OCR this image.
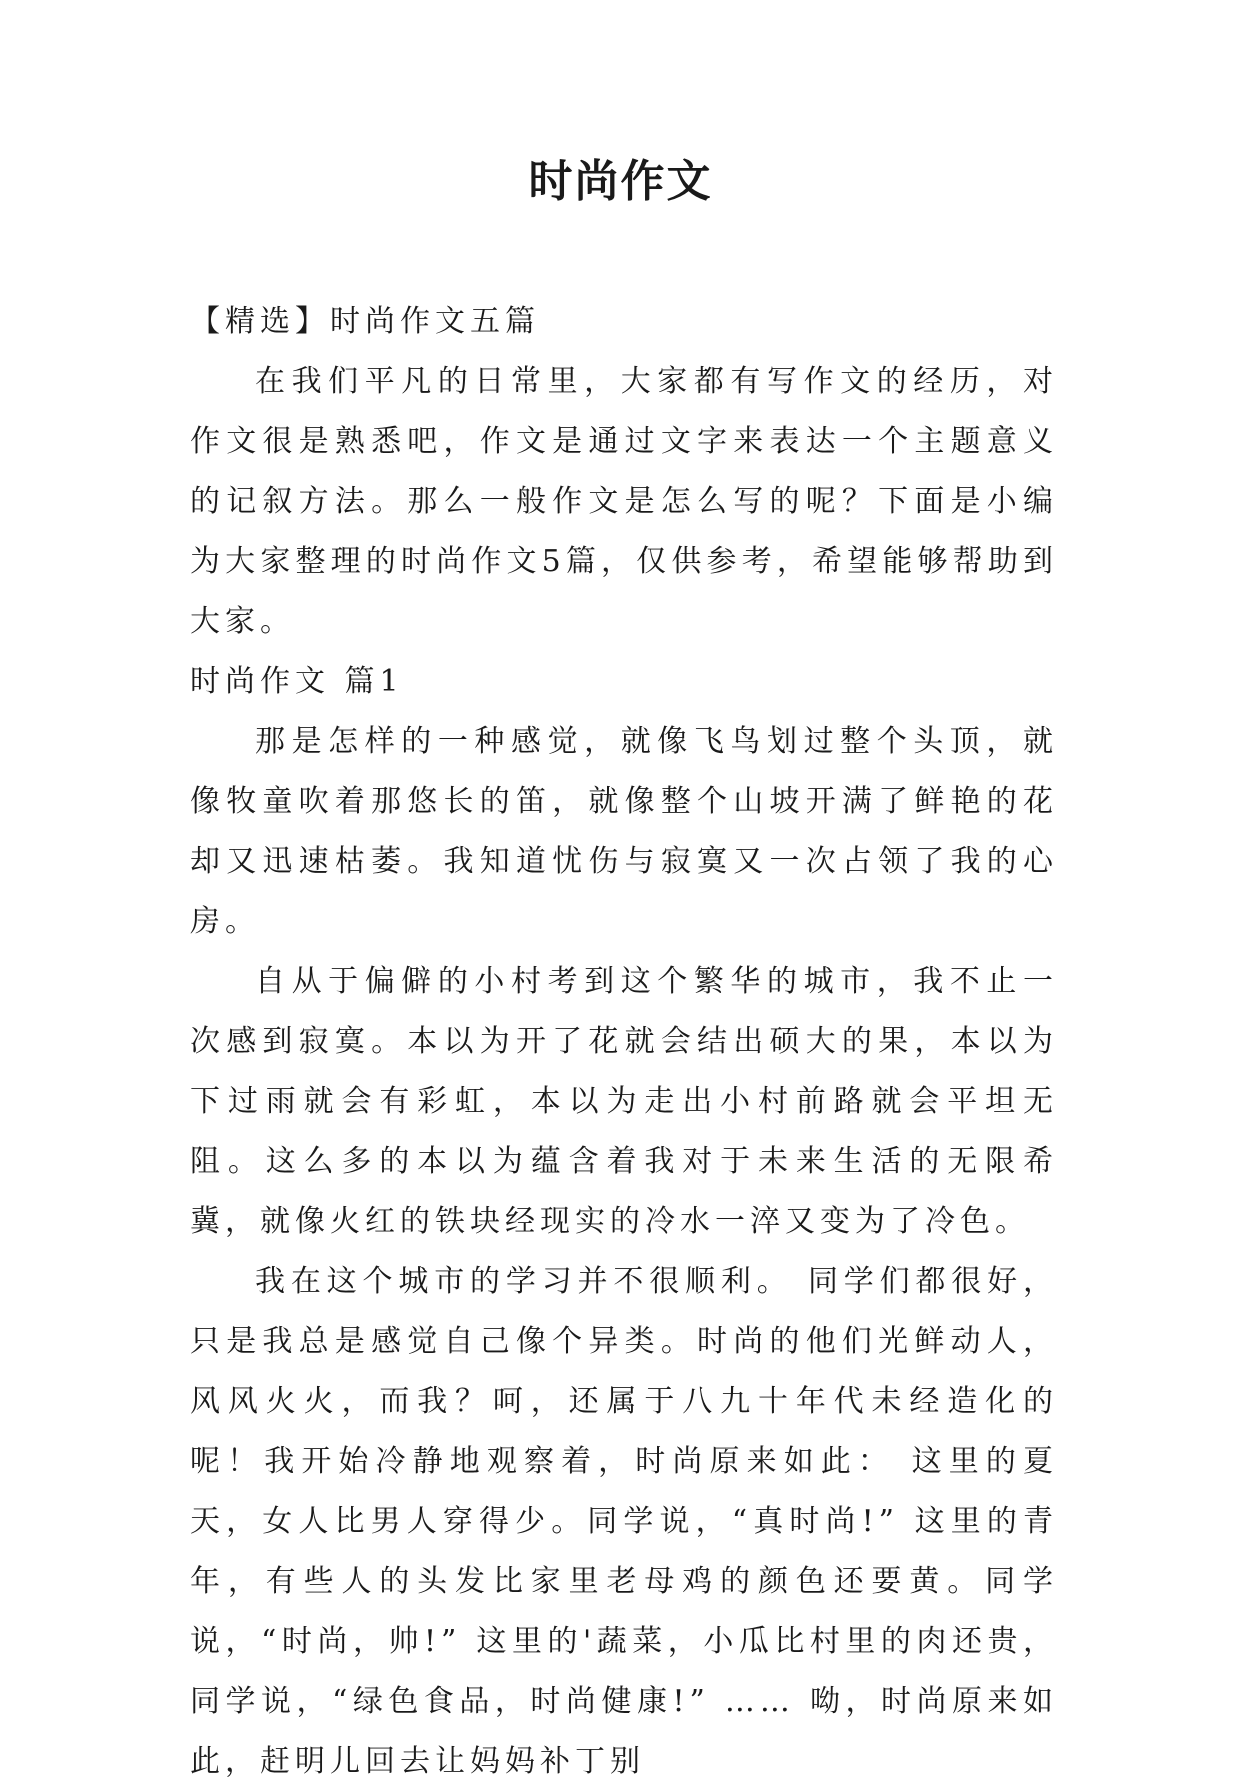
时尚作文

【精选】时尚作文五篇

在我们平凡的日常里，大家都有写作文的经历，对作文很是熟悉吧，作文是通过文字来表达一个主题意义的记叙方法。那么一般作文是怎么写的呢？下面是小编为大家整理的时尚作文5篇，仅供参考，希望能够帮助到大家。

时尚作文 篇1

那是怎样的一种感觉，就像飞鸟划过整个头顶，就像牧童吹着那悠长的笛，就像整个山坡开满了鲜艳的花却又迅速枯萎。我知道忧伤与寂寞又一次占领了我的心房。

自从于偏僻的小村考到这个繁华的城市，我不止一次感到寂寞。本以为开了花就会结出硕大的果，本以为下过雨就会有彩虹，本以为走出小村前路就会平坦无阻。这么多的本以为蕴含着我对于未来生活的无限希冀，就像火红的铁块经现实的冷水一淬又变为了冷色。

我在这个城市的学习并不很顺利。 同学们都很好，只是我总是感觉自己像个异类。时尚的他们光鲜动人，风风火火，而我？呵，还属于八九十年代未经造化的呢！我开始冷静地观察着，时尚原来如此： 这里的夏天，女人比男人穿得少。同学说，“真时尚!” 这里的青年，有些人的头发比家里老母鸡的颜色还要黄。同学说，“时尚，帅!” 这里的'蔬菜，小瓜比村里的肉还贵，同学说，“绿色食品，时尚健康!” …… 呦，时尚原来如此，赶明儿回去让妈妈补丁别
